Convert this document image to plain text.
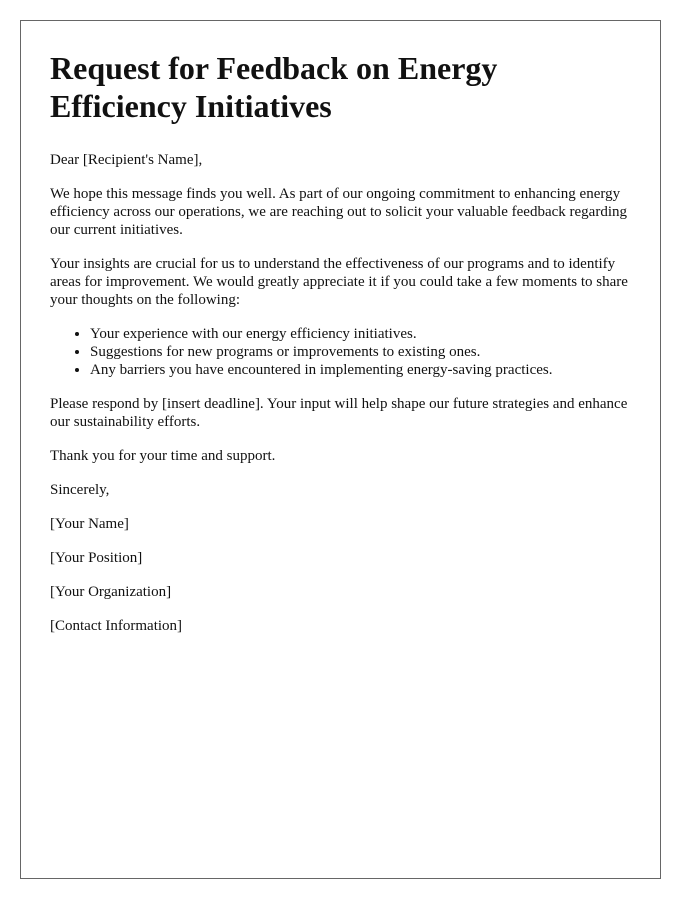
Request for Feedback on Energy Efficiency Initiatives

Dear [Recipient's Name],

We hope this message finds you well. As part of our ongoing commitment to enhancing energy efficiency across our operations, we are reaching out to solicit your valuable feedback regarding our current initiatives.

Your insights are crucial for us to understand the effectiveness of our programs and to identify areas for improvement. We would greatly appreciate it if you could take a few moments to share your thoughts on the following:

• Your experience with our energy efficiency initiatives.
• Suggestions for new programs or improvements to existing ones.
• Any barriers you have encountered in implementing energy-saving practices.

Please respond by [insert deadline]. Your input will help shape our future strategies and enhance our sustainability efforts.

Thank you for your time and support.

Sincerely,

[Your Name]

[Your Position]

[Your Organization]

[Contact Information]
